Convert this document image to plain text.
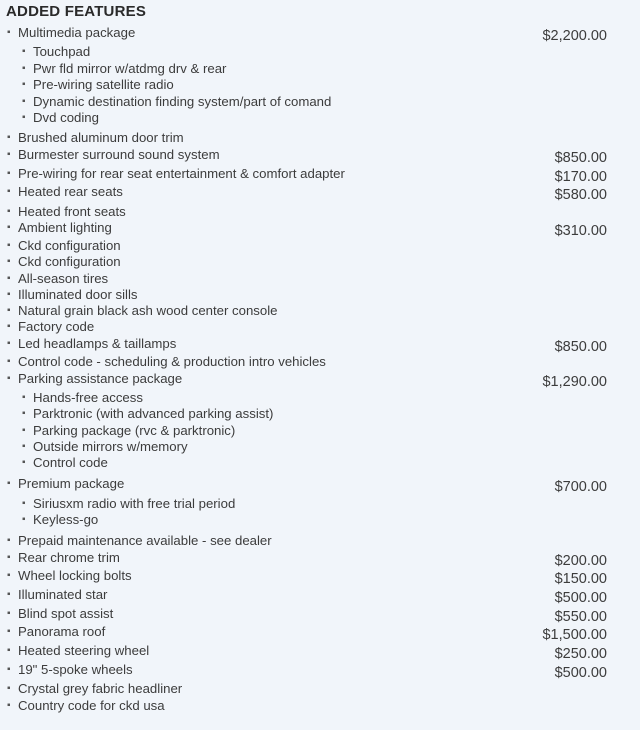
ADDED FEATURES
▪ Multimedia package	$2,200.00
▪ Touchpad
▪ Pwr fld mirror w/atdmg drv & rear
▪ Pre-wiring satellite radio
▪ Dynamic destination finding system/part of comand
▪ Dvd coding
▪ Brushed aluminum door trim
▪ Burmester surround sound system	$850.00
▪ Pre-wiring for rear seat entertainment & comfort adapter	$170.00
▪ Heated rear seats	$580.00
▪ Heated front seats
▪ Ambient lighting	$310.00
▪ Ckd configuration
▪ Ckd configuration
▪ All-season tires
▪ Illuminated door sills
▪ Natural grain black ash wood center console
▪ Factory code
▪ Led headlamps & taillamps	$850.00
▪ Control code - scheduling & production intro vehicles
▪ Parking assistance package	$1,290.00
▪ Hands-free access
▪ Parktronic (with advanced parking assist)
▪ Parking package (rvc & parktronic)
▪ Outside mirrors w/memory
▪ Control code
▪ Premium package	$700.00
▪ Siriusxm radio with free trial period
▪ Keyless-go
▪ Prepaid maintenance available - see dealer
▪ Rear chrome trim	$200.00
▪ Wheel locking bolts	$150.00
▪ Illuminated star	$500.00
▪ Blind spot assist	$550.00
▪ Panorama roof	$1,500.00
▪ Heated steering wheel	$250.00
▪ 19" 5-spoke wheels	$500.00
▪ Crystal grey fabric headliner
▪ Country code for ckd usa
